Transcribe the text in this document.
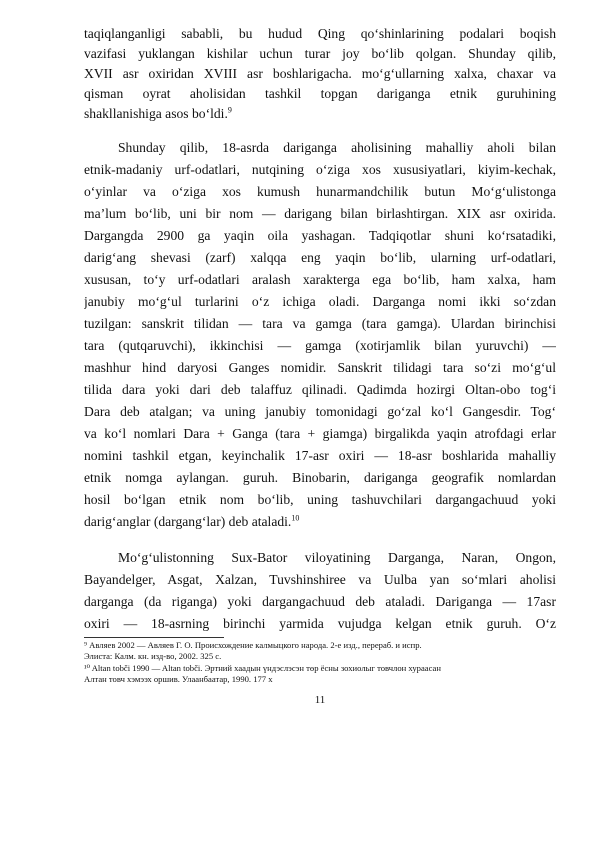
taqiqlanganligi sababli, bu hudud Qing qoʻshinlarining podalari boqish
vazifasi yuklangan kishilar uchun turar joy boʻlib qolgan. Shunday qilib,
XVII asr oxiridan XVIII asr boshlarigacha. moʻgʻullarning xalxa, chaxar va
qisman oyrat aholisidan tashkil topgan dariganga etnik guruhining
shakllanishiga asos boʻldi.$^9$
Shunday qilib, 18-asrda dariganga aholisining mahalliy aholi bilan
etnik-madaniy urf-odatlari, nutqining oʻziga xos xususiyatlari, kiyim-kechak,
oʻyinlar va oʻziga xos kumush hunarmandchilik butun Moʻgʻulistonga
maʼlum boʻlib, uni bir nom — darigang bilan birlashtirgan. XIX asr oxirida.
Dargangda 2900 ga yaqin oila yashagan. Tadqiqotlar shuni koʻrsatadiki,
darigʻang shevasi (zarf) xalqqa eng yaqin boʻlib, ularning urf-odatlari,
xususan, toʻy urf-odatlari aralash xarakterga ega boʻlib, ham xalxa, ham
janubiy moʻgʻul turlarini oʻz ichiga oladi. Darganga nomi ikki soʻzdan
tuzilgan: sanskrit tilidan — tara va gamga (tara gamga). Ulardan birinchisi
tara (qutqaruvchi), ikkinchisi — gamga (xotirjamlik bilan yuruvchi) —
mashhur hind daryosi Ganges nomidir. Sanskrit tilidagi tara soʻzi moʻgʻul
tilida dara yoki dari deb talaffuz qilinadi. Qadimda hozirgi Oltan-obo togʻi
Dara deb atalgan; va uning janubiy tomonidagi goʻzal koʻl Gangesdir. Togʻ
va koʻl nomlari Dara + Ganga (tara + giamga) birgalikda yaqin atrofdagi erlar
nomini tashkil etgan, keyinchalik 17-asr oxiri — 18-asr boshlarida mahalliy
etnik nomga aylangan. guruh. Binobarin, dariganga geografik nomlardan
hosil boʻlgan etnik nom boʻlib, uning tashuvchilari dargangachuud yoki
darigʻanglar (dargangʻlar) deb ataladi.$^{10}$
Moʻgʻulistonning Sux-Bator viloyatining Darganga, Naran, Ongon,
Bayandelger, Asgat, Xalzan, Tuvshinshiree va Uulba yan soʻmlari aholisi
darganga (da riganga) yoki dargangachuud deb ataladi. Dariganga — 17asr
oxiri — 18-asrning birinchi yarmida vujudga kelgan etnik guruh. Oʻz
⁹ Авляев 2002 — Авляев Г. О. Происхождение калмыцкого народа. 2-е изд., перераб. и испр.
Элиста: Калм. кн. изд-во, 2002. 325 с.
¹⁰ Altan tobči 1990 — Altan tobči. Эртний хаадын үндэслэсэн төр ёсны зохиолыг товчлон хураасан
Алтан товч хэмээх оршив. Улаанбаатар, 1990. 177 х
11
